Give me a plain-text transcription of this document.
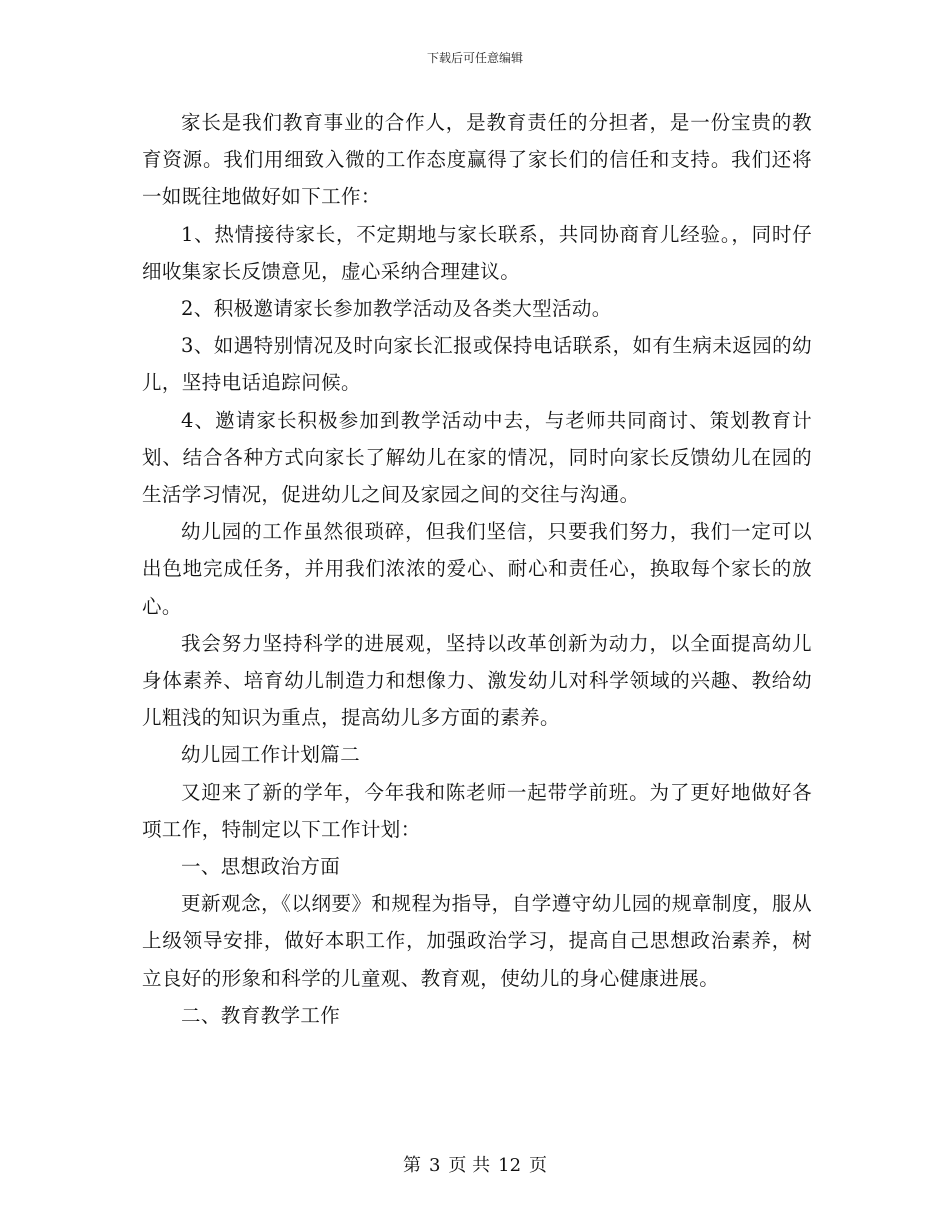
下载后可任意编辑

家长是我们教育事业的合作人，是教育责任的分担者，是一份宝贵的教育资源。我们用细致入微的工作态度赢得了家长们的信任和支持。我们还将一如既往地做好如下工作：

1、热情接待家长，不定期地与家长联系，共同协商育儿经验。，同时仔细收集家长反馈意见，虚心采纳合理建议。

2、积极邀请家长参加教学活动及各类大型活动。

3、如遇特别情况及时向家长汇报或保持电话联系，如有生病未返园的幼儿，坚持电话追踪问候。

4、邀请家长积极参加到教学活动中去，与老师共同商讨、策划教育计划、结合各种方式向家长了解幼儿在家的情况，同时向家长反馈幼儿在园的生活学习情况，促进幼儿之间及家园之间的交往与沟通。

幼儿园的工作虽然很琐碎，但我们坚信，只要我们努力，我们一定可以出色地完成任务，并用我们浓浓的爱心、耐心和责任心，换取每个家长的放心。

我会努力坚持科学的进展观，坚持以改革创新为动力，以全面提高幼儿身体素养、培育幼儿制造力和想像力、激发幼儿对科学领域的兴趣、教给幼儿粗浅的知识为重点，提高幼儿多方面的素养。

幼儿园工作计划篇二

又迎来了新的学年，今年我和陈老师一起带学前班。为了更好地做好各项工作，特制定以下工作计划：

一、思想政治方面

更新观念，《以纲要》和规程为指导，自学遵守幼儿园的规章制度，服从上级领导安排，做好本职工作，加强政治学习，提高自己思想政治素养，树立良好的形象和科学的儿童观、教育观，使幼儿的身心健康进展。

二、教育教学工作

第 3 页 共 12 页
